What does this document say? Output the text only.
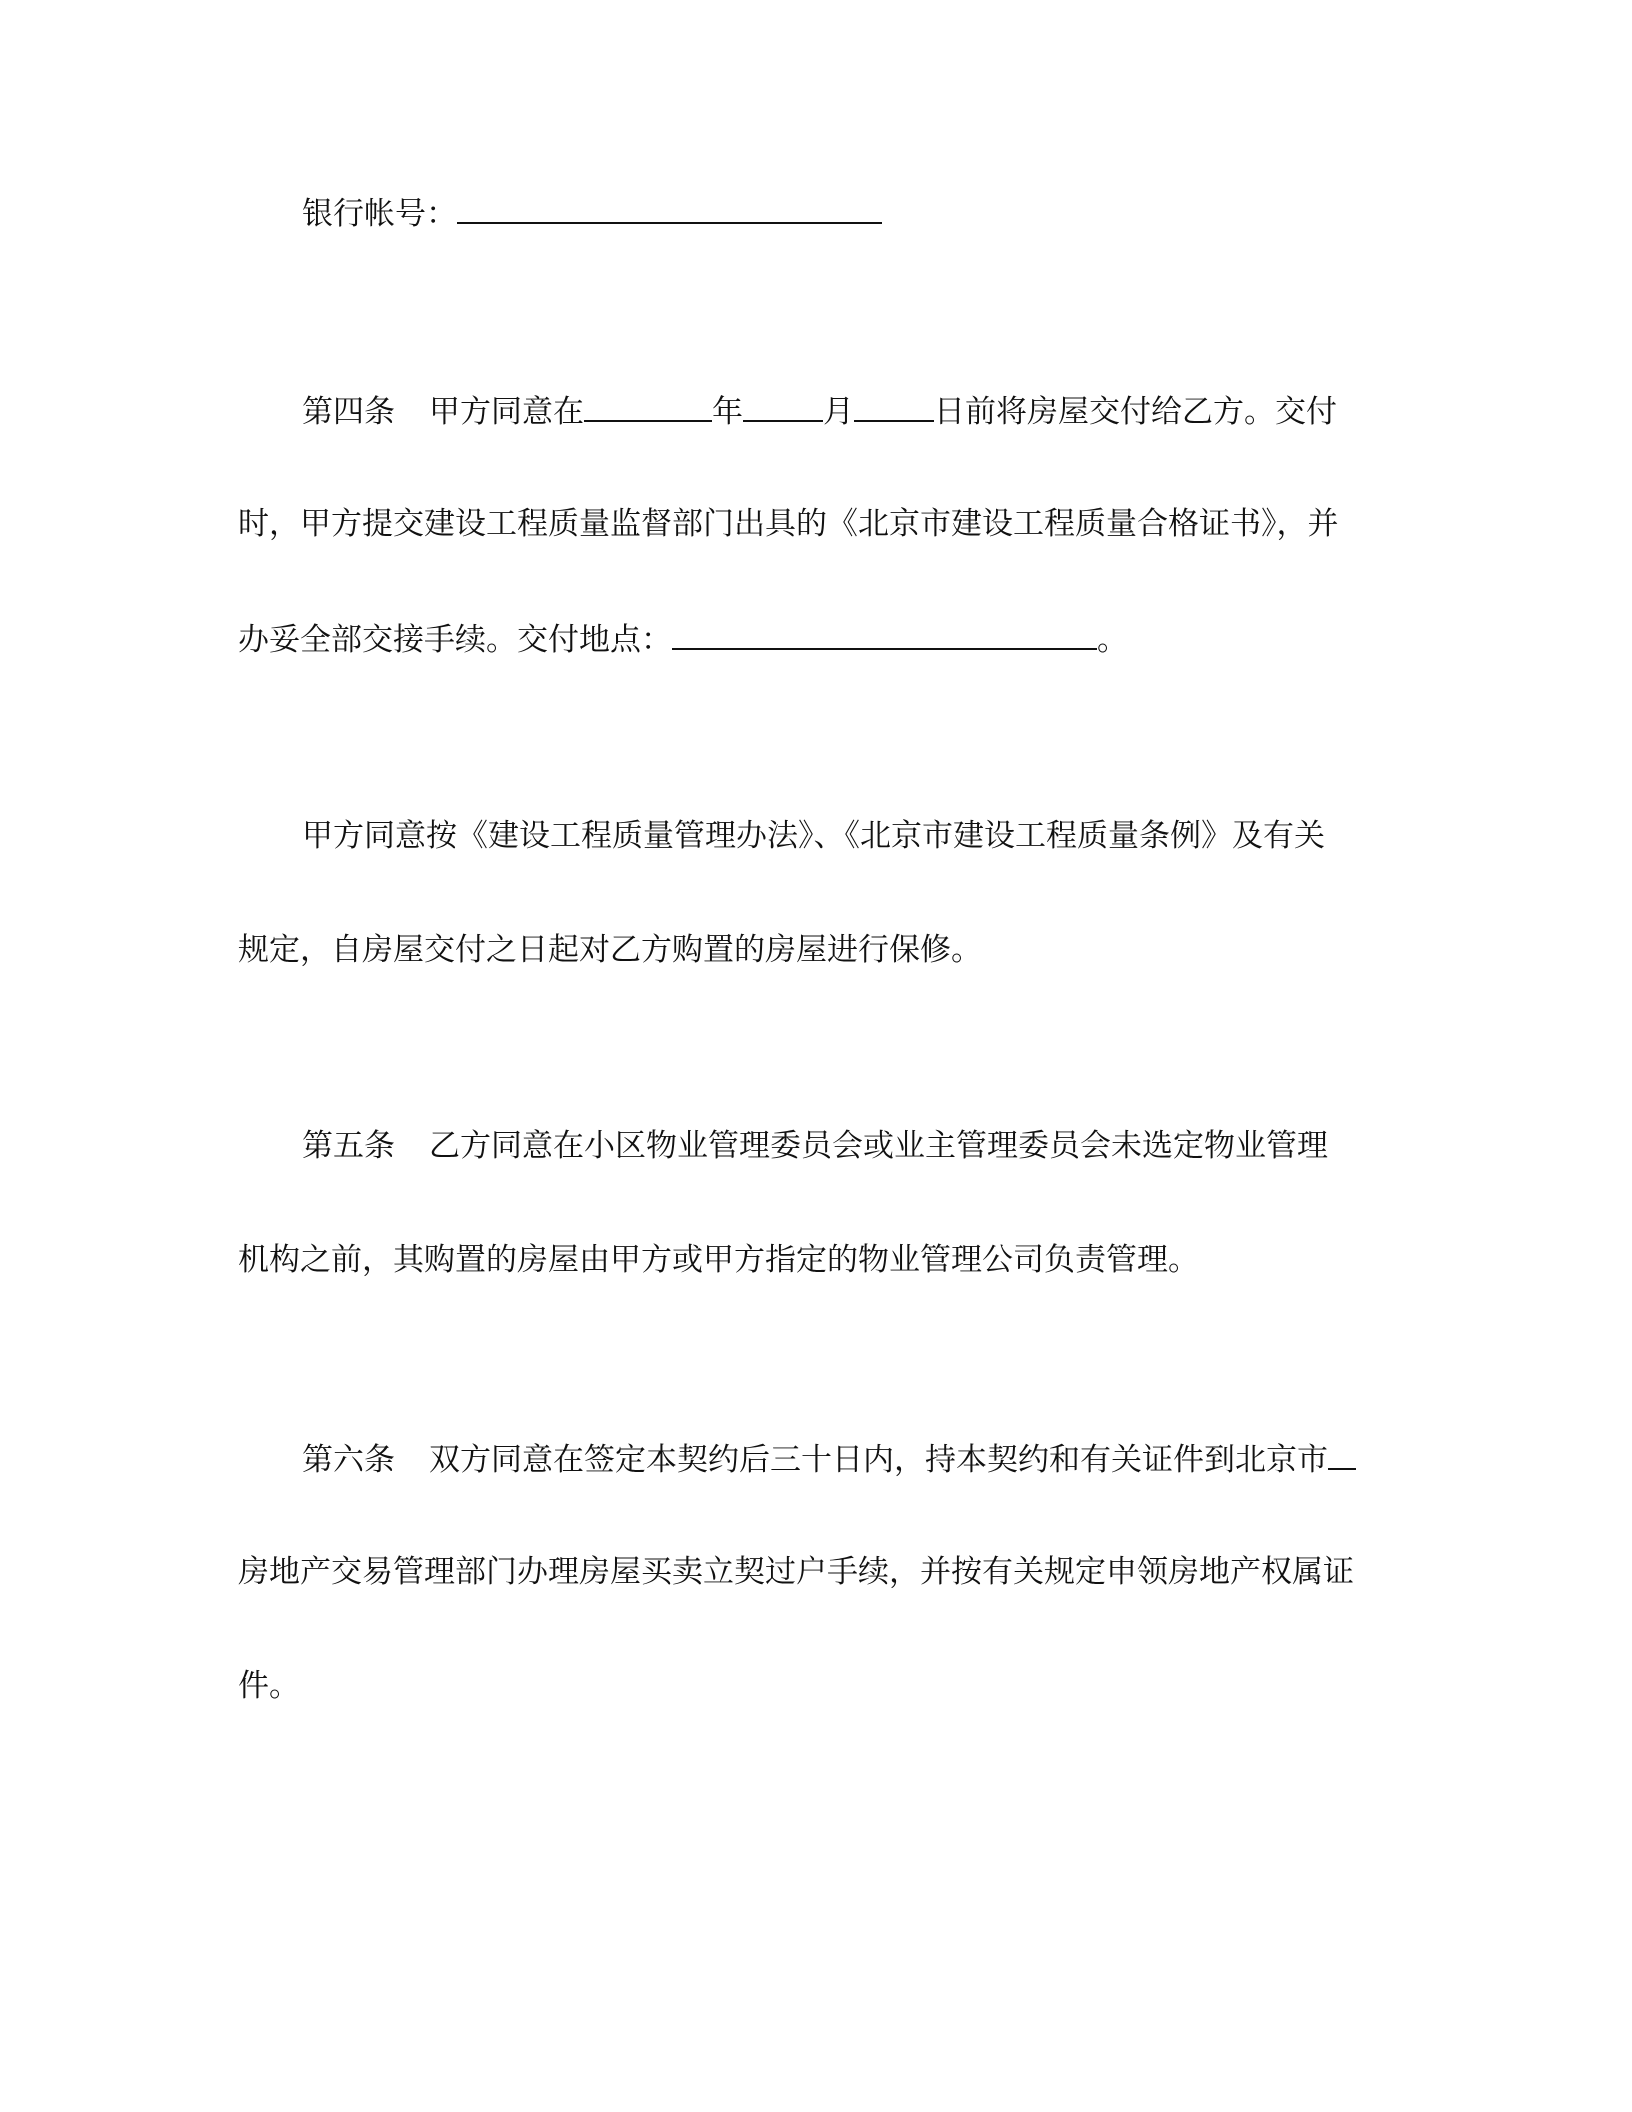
银行帐号：
第四条 甲方同意在	年	月	日前将房屋交付给乙方。交付
时，甲方提交建设工程质量监督部门出具的《北京市建设工程质量合格证书》，并
办妥全部交接手续。交付地点：	。
甲方同意按《建设工程质量管理办法》、《北京市建设工程质量条例》及有关
规定，自房屋交付之日起对乙方购置的房屋进行保修。
第五条 乙方同意在小区物业管理委员会或业主管理委员会未选定物业管理
机构之前，其购置的房屋由甲方或甲方指定的物业管理公司负责管理。
第六条 双方同意在签定本契约后三十日内，持本契约和有关证件到北京市
房地产交易管理部门办理房屋买卖立契过户手续，并按有关规定申领房地产权属证
件。
